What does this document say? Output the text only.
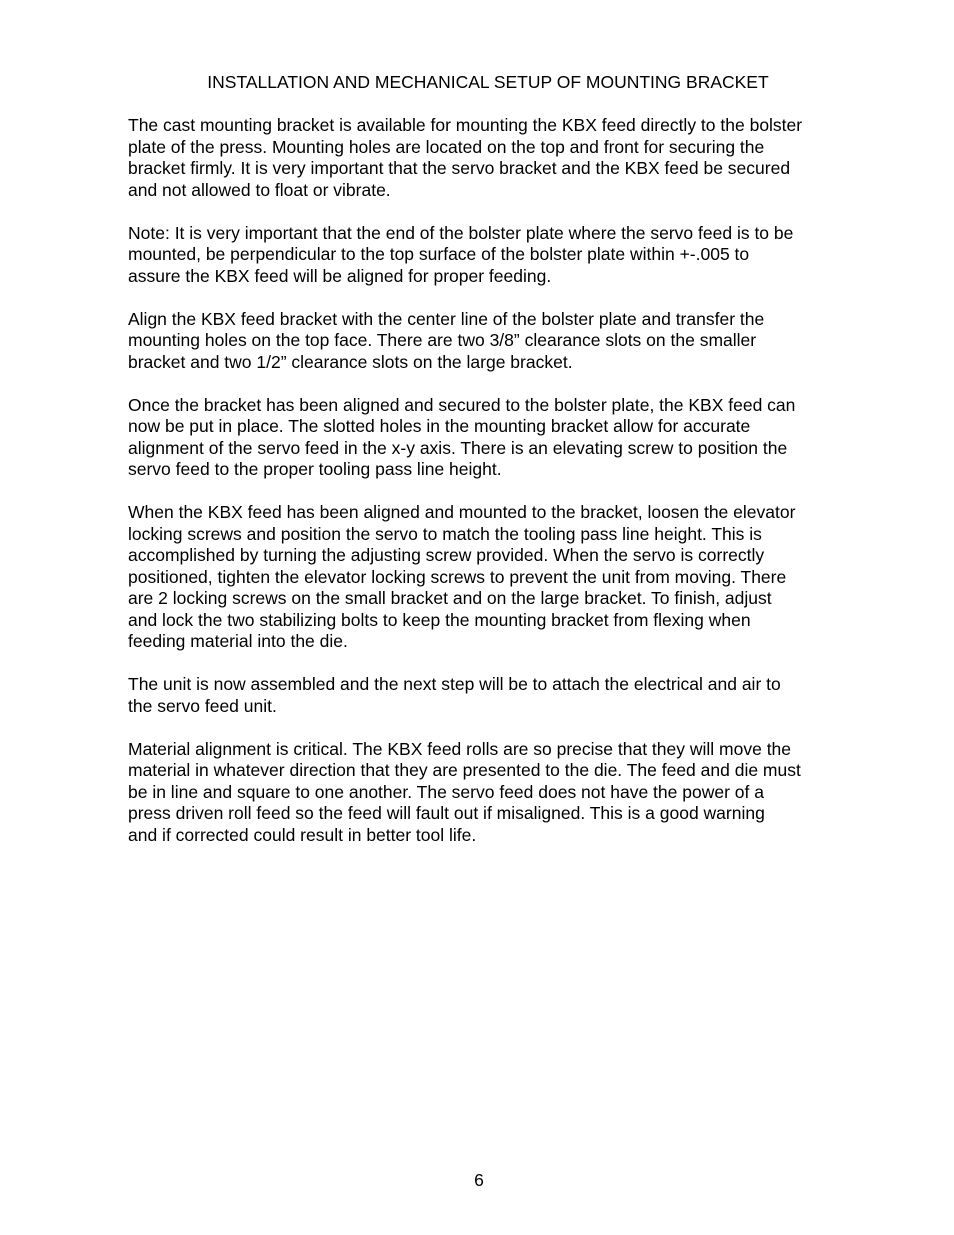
INSTALLATION AND MECHANICAL SETUP OF MOUNTING BRACKET

The cast mounting bracket is available for mounting the KBX feed directly to the bolster
plate of the press. Mounting holes are located on the top and front for securing the
bracket firmly. It is very important that the servo bracket and the KBX feed be secured
and not allowed to float or vibrate.

Note: It is very important that the end of the bolster plate where the servo feed is to be
mounted, be perpendicular to the top surface of the bolster plate within +-.005 to
assure the KBX feed will be aligned for proper feeding.

Align the KBX feed bracket with the center line of the bolster plate and transfer the
mounting holes on the top face. There are two 3/8” clearance slots on the smaller
bracket and two 1/2” clearance slots on the large bracket.

Once the bracket has been aligned and secured to the bolster plate, the KBX feed can
now be put in place. The slotted holes in the mounting bracket allow for accurate
alignment of the servo feed in the x-y axis. There is an elevating screw to position the
servo feed to the proper tooling pass line height.

When the KBX feed has been aligned and mounted to the bracket, loosen the elevator
locking screws and position the servo to match the tooling pass line height. This is
accomplished by turning the adjusting screw provided. When the servo is correctly
positioned, tighten the elevator locking screws to prevent the unit from moving. There
are 2 locking screws on the small bracket and on the large bracket. To finish, adjust
and lock the two stabilizing bolts to keep the mounting bracket from flexing when
feeding material into the die.

The unit is now assembled and the next step will be to attach the electrical and air to
the servo feed unit.

Material alignment is critical. The KBX feed rolls are so precise that they will move the
material in whatever direction that they are presented to the die. The feed and die must
be in line and square to one another. The servo feed does not have the power of a
press driven roll feed so the feed will fault out if misaligned. This is a good warning
and if corrected could result in better tool life.

6
